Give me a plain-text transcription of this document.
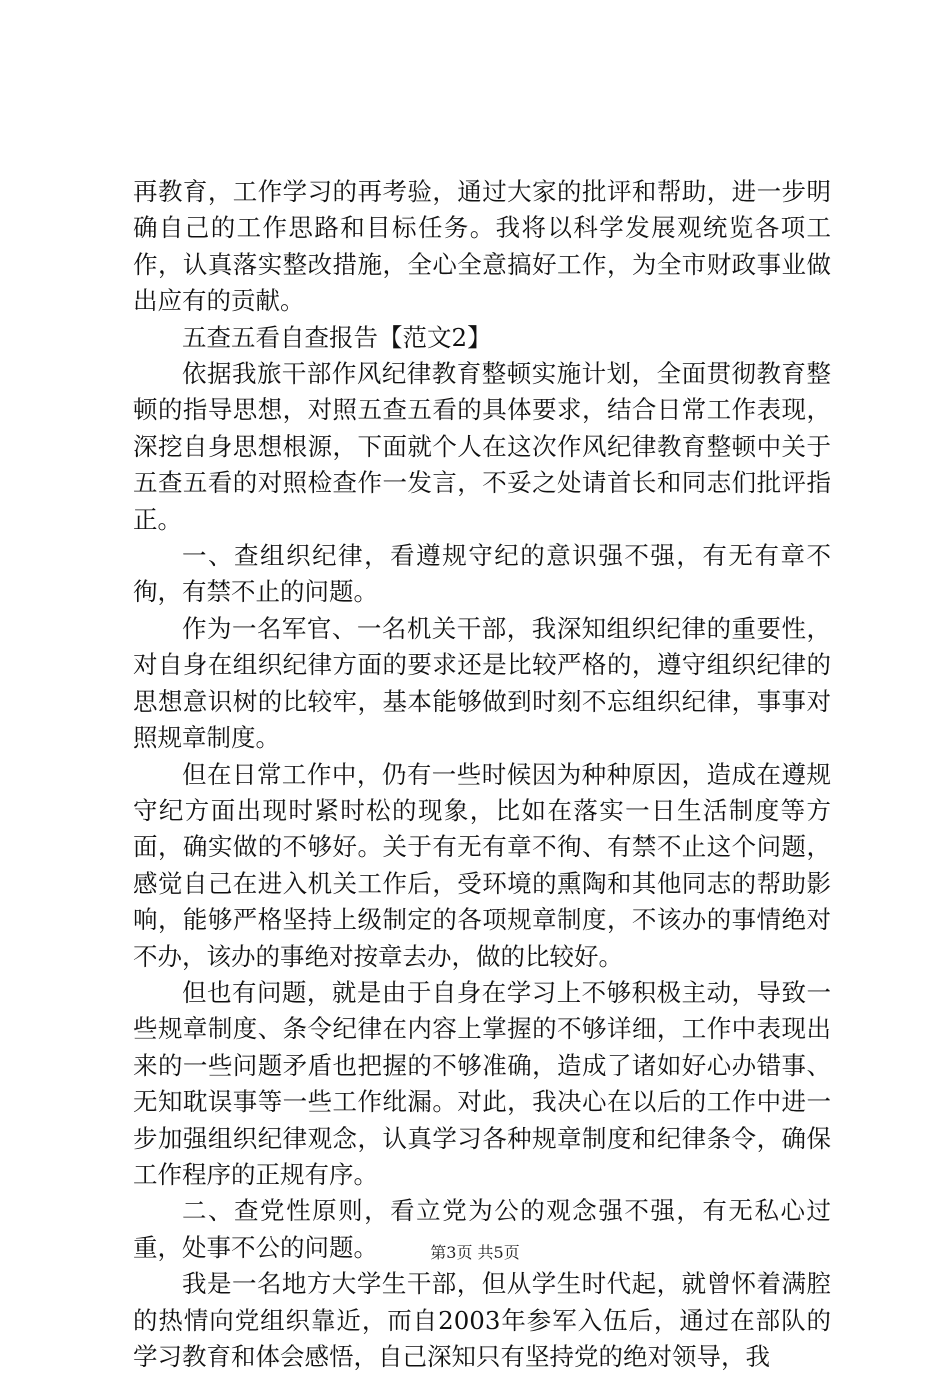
再教育，工作学习的再考验，通过大家的批评和帮助，进一步明确自己的工作思路和目标任务。我将以科学发展观统览各项工作，认真落实整改措施，全心全意搞好工作，为全市财政事业做出应有的贡献。

五查五看自查报告【范文2】

依据我旅干部作风纪律教育整顿实施计划，全面贯彻教育整顿的指导思想，对照五查五看的具体要求，结合日常工作表现，深挖自身思想根源，下面就个人在这次作风纪律教育整顿中关于五查五看的对照检查作一发言，不妥之处请首长和同志们批评指正。

一、查组织纪律，看遵规守纪的意识强不强，有无有章不徇，有禁不止的问题。

作为一名军官、一名机关干部，我深知组织纪律的重要性，对自身在组织纪律方面的要求还是比较严格的，遵守组织纪律的思想意识树的比较牢，基本能够做到时刻不忘组织纪律，事事对照规章制度。

但在日常工作中，仍有一些时候因为种种原因，造成在遵规守纪方面出现时紧时松的现象，比如在落实一日生活制度等方面，确实做的不够好。关于有无有章不徇、有禁不止这个问题，感觉自己在进入机关工作后，受环境的熏陶和其他同志的帮助影响，能够严格坚持上级制定的各项规章制度，不该办的事情绝对不办，该办的事绝对按章去办，做的比较好。

但也有问题，就是由于自身在学习上不够积极主动，导致一些规章制度、条令纪律在内容上掌握的不够详细，工作中表现出来的一些问题矛盾也把握的不够准确，造成了诸如好心办错事、无知耽误事等一些工作纰漏。对此，我决心在以后的工作中进一步加强组织纪律观念，认真学习各种规章制度和纪律条令，确保工作程序的正规有序。

二、查党性原则，看立党为公的观念强不强，有无私心过重，处事不公的问题。

我是一名地方大学生干部，但从学生时代起，就曾怀着满腔的热情向党组织靠近，而自2003年参军入伍后，通过在部队的学习教育和体会感悟，自己深知只有坚持党的绝对领导，我

第3页 共5页
